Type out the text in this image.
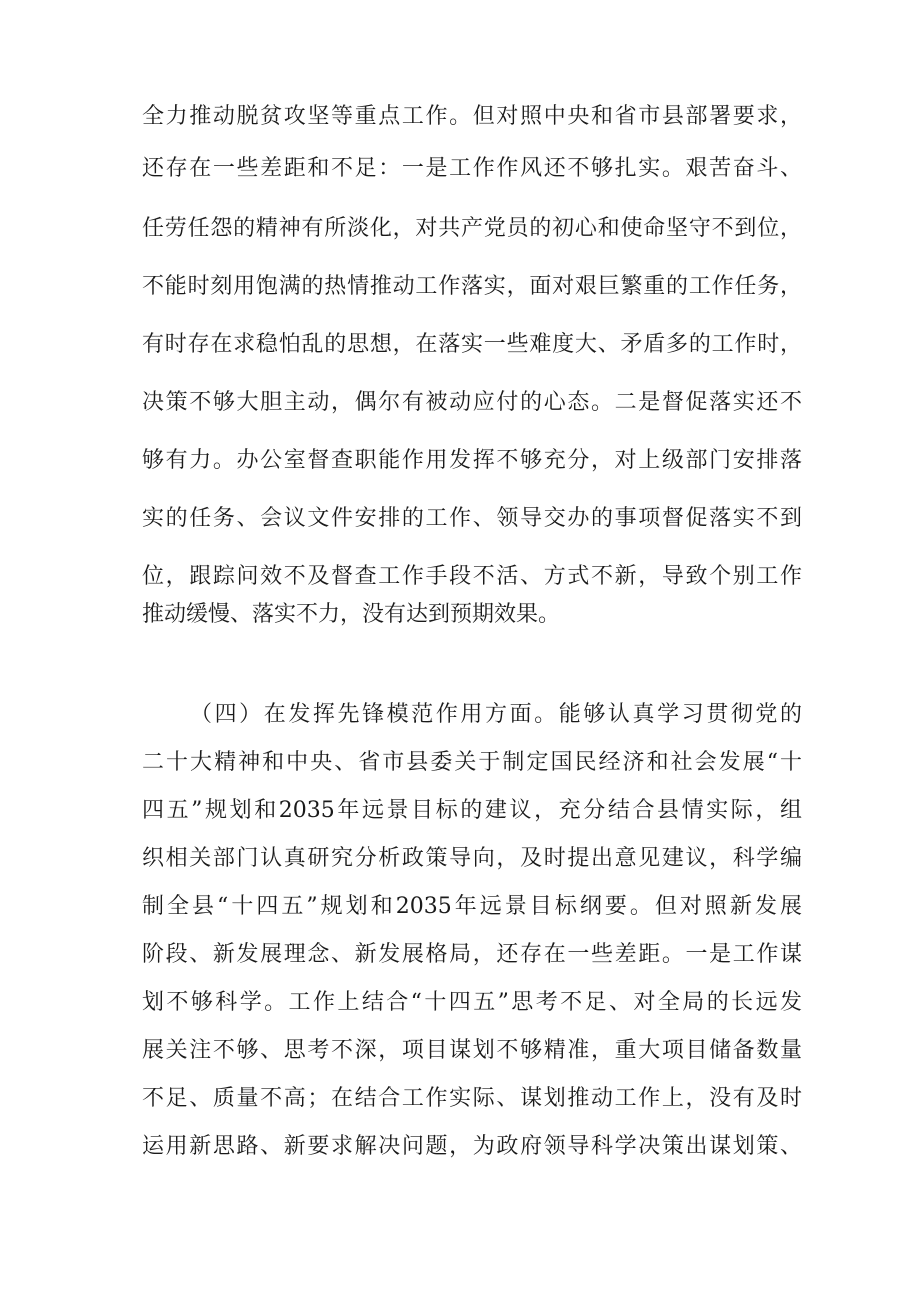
全力推动脱贫攻坚等重点工作。但对照中央和省市县部署要求，
还存在一些差距和不足：一是工作作风还不够扎实。艰苦奋斗、
任劳任怨的精神有所淡化，对共产党员的初心和使命坚守不到位，
不能时刻用饱满的热情推动工作落实，面对艰巨繁重的工作任务，
有时存在求稳怕乱的思想，在落实一些难度大、矛盾多的工作时，
决策不够大胆主动，偶尔有被动应付的心态。二是督促落实还不
够有力。办公室督查职能作用发挥不够充分，对上级部门安排落
实的任务、会议文件安排的工作、领导交办的事项督促落实不到
位，跟踪问效不及督查工作手段不活、方式不新，导致个别工作
推动缓慢、落实不力，没有达到预期效果。
（四）在发挥先锋模范作用方面。能够认真学习贯彻党的
二十大精神和中央、省市县委关于制定国民经济和社会发展“十
四五”规划和2035年远景目标的建议，充分结合县情实际，组
织相关部门认真研究分析政策导向，及时提出意见建议，科学编
制全县“十四五”规划和2035年远景目标纲要。但对照新发展
阶段、新发展理念、新发展格局，还存在一些差距。一是工作谋
划不够科学。工作上结合“十四五”思考不足、对全局的长远发
展关注不够、思考不深，项目谋划不够精准，重大项目储备数量
不足、质量不高；在结合工作实际、谋划推动工作上，没有及时
运用新思路、新要求解决问题，为政府领导科学决策出谋划策、
